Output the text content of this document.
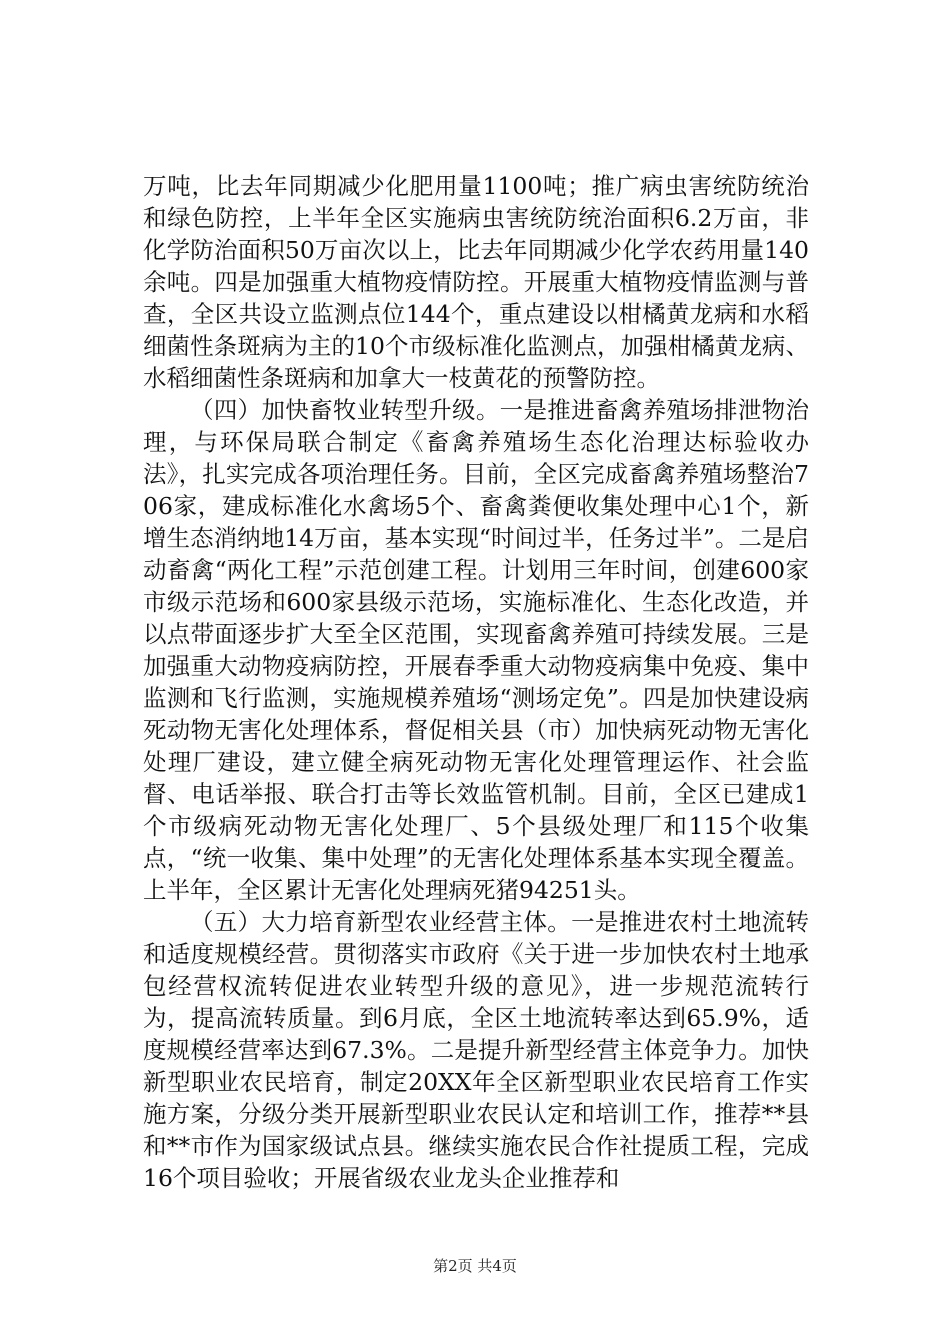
万吨，比去年同期减少化肥用量1100吨；推广病虫害统防统治和绿色防控，上半年全区实施病虫害统防统治面积6.2万亩，非化学防治面积50万亩次以上，比去年同期减少化学农药用量140余吨。四是加强重大植物疫情防控。开展重大植物疫情监测与普查，全区共设立监测点位144个，重点建设以柑橘黄龙病和水稻细菌性条斑病为主的10个市级标准化监测点，加强柑橘黄龙病、水稻细菌性条斑病和加拿大一枝黄花的预警防控。

（四）加快畜牧业转型升级。一是推进畜禽养殖场排泄物治理，与环保局联合制定《畜禽养殖场生态化治理达标验收办法》，扎实完成各项治理任务。目前，全区完成畜禽养殖场整治706家，建成标准化水禽场5个、畜禽粪便收集处理中心1个，新增生态消纳地14万亩，基本实现“时间过半，任务过半”。二是启动畜禽“两化工程”示范创建工程。计划用三年时间，创建600家市级示范场和600家县级示范场，实施标准化、生态化改造，并以点带面逐步扩大至全区范围，实现畜禽养殖可持续发展。三是加强重大动物疫病防控，开展春季重大动物疫病集中免疫、集中监测和飞行监测，实施规模养殖场“测场定免”。四是加快建设病死动物无害化处理体系，督促相关县（市）加快病死动物无害化处理厂建设，建立健全病死动物无害化处理管理运作、社会监督、电话举报、联合打击等长效监管机制。目前，全区已建成1个市级病死动物无害化处理厂、5个县级处理厂和115个收集点，“统一收集、集中处理”的无害化处理体系基本实现全覆盖。上半年，全区累计无害化处理病死猪94251头。

（五）大力培育新型农业经营主体。一是推进农村土地流转和适度规模经营。贯彻落实市政府《关于进一步加快农村土地承包经营权流转促进农业转型升级的意见》，进一步规范流转行为，提高流转质量。到6月底，全区土地流转率达到65.9%，适度规模经营率达到67.3%。二是提升新型经营主体竞争力。加快新型职业农民培育，制定20XX年全区新型职业农民培育工作实施方案，分级分类开展新型职业农民认定和培训工作，推荐**县和**市作为国家级试点县。继续实施农民合作社提质工程，完成16个项目验收；开展省级农业龙头企业推荐和

第2页 共4页
